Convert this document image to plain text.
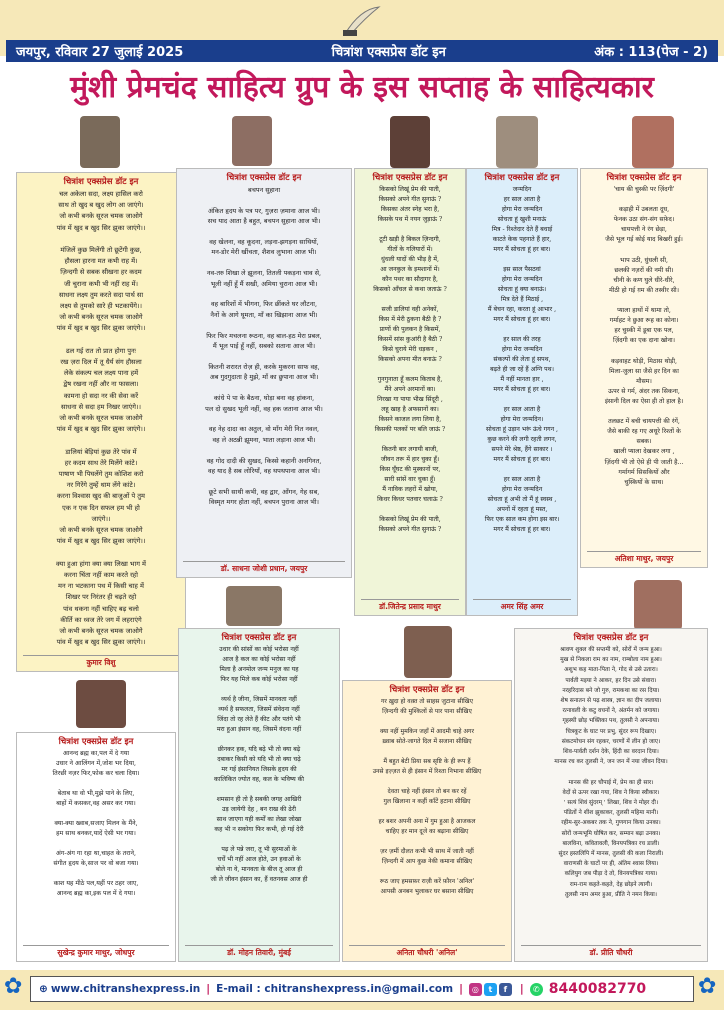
जयपुर, रविवार 27 जुलाई 2025	चित्रांश एक्सप्रेस डॉट इन	अंक : 113(पेज - 2)
मुंशी प्रेमचंद साहित्य ग्रुप के इस सप्ताह के साहित्यकार
चित्रांश एक्सप्रेस डॉट इन
चल अकेला सदा, लक्ष्य हासिल करो
साथ तो खुद ब खुद लोग आ जाएंगे।
जो कभी बनके सूरज चमक जाओगे
पांव में खुद ब खुद सिर झुका जाएंगे।।

मंजिलें कुछ मिलेंगी तो छूटेंगी कुछ,
हौसला हारना मत कभी राह में।
ज़िन्दगी से सबक सीखना हर कदम
जी चुराना कभी भी नहीं राह में।
साधना लक्ष्य तुम करते सदा पार्थ सा
लक्ष्य से तुमको सारे ही भटकायेंगे।।
जो कभी बनके सूरज चमक जाओगे
पांव में खुद ब खुद सिर झुका जाएंगे।।

ढल गई रात तो प्रात होगा पुनः
रख ज़रा दिल में तू धैर्य संग हौसला
लेके संकल्प चल लक्ष्य पाना हमें
द्वेष रखना नहीं और ना फासला।
कामना हो सदा नर की सेवा करें
साधना से सदा हम निखर जाएंगे।।
जो कभी बनके सूरज चमक जाओगे
पांव में खुद ब खुद सिर झुका जाएंगे।।

डालियां बेड़ियां कुछ तेरे पांव में
हर कदम साथ तेरे मिलेंगे कांटे।
पाषाण भी पिघलेंगे तुम कोशिश करो
नर गिरेंगे तुम्हें थाम लेंगे कांटे।
करना विश्वास खुद की बाजुओं पे तुम
एक न एक दिन सफल हम भी हो
जाएंगे।।
जो कभी बनके सूरज चमक जाओगे
पांव में खुद ब खुद सिर झुका जाएंगे।।

क्या हुआ हांगा क्या क्या लिखा भाग में
करना चिंता नहीं काम करते रहो
मन ना भटकाना पथ में किसी चाह में
शिखर पर निरंतर ही चढ़ते रहो
पांव थकना नहीं चाहिए बढ़ चलो
कीर्ति का ध्वज तेरे जग में लहराएंगे
जो कभी बनके सूरज चमक जाओगे
पांव में खुद ब खुद सिर झुका जाएंगे।।
कुमार विशु
चित्रांश एक्सप्रेस डॉट इन
बचपन सुहाना

अंकित हृदय के पत्र पर, गुज़रा ज़माना आज भी।
सच याद आता है बहुत, बचपन सुहाना आज भी।

वह खेलना, वह कूदना, लड़ना-झगड़ना साथियों,
मन-डोर मेरी खींचता, शैशव लुभाना आज भी।

नव-तरु शिखा ले झूलना, तितली पकड़ना चाव से,
भूली नहीं हूँ मैं सखी, अमिया चुराना आज भी।

वह बारिशों में भीगना, फिर छींकते घर लौटना,
नैनों के आगे घूमता, माँ का खिझाना आज भी।

फिर फिर मचलना रूठना, वह बाल-हठ मेरा प्रबल,
मैं भूल पाई हूँ नहीं, सबको सताना आज भी।

कितनी शरारत रोज़ ही, करके मुकरना साफ वह,
अब गुदगुदाता है मुझे, माँ का छुपाना आज भी।

कांधे पे पा के बैठना, घोड़ा बना वह हांकना,
पल दो सुखद भूली नहीं, वह हक जताना आज भी।

वह नेह दादा का अतुल, वो माँग मेरी नित नवल,
वह ले अठन्नी झूमना, भाता लड़ाना आज भी।

वह गोद दादी की सुखद, किस्से कहानी अनगिनत,
वह याद है सब लोरियाँ, वह थपथपाना आज भी।

छूटे सभी साथी कभी, वह द्वार, आँगन, गेह सब,
विस्मृत मगर होता नहीं, बचपन पुराना आज भी।
डॉ. साधना जोशी प्रधान, जयपुर
चित्रांश एक्सप्रेस डॉट इन
किसको लिखूं प्रेम की पाती,
किसको अपने गीत सुनाऊं ?
किसका अंतर स्नेह भरा है,
किसके पथ में नयन जुड़ाऊं ?

टूटी खड़ी है बिकल ज़िन्दगी,
गीतों के गलियारों में।
धुंधली यादों की भीड़ है में,
आ जनकुल के इमशानों में।
कौन पथर का सौदागर है,
किसको आँचल से कथा जताऊं ?

सजी डालियां वही अनेकों,
किस में मेरी ठुकना बैठी है ?
प्राणों की पुलकन है किसमें,
किसमें सांस कुआंरी है बैठी ?
किसे चुराये मेरी धड़कन ,
किसको अपना मीत बनाऊं ?

गुनगुनाता हूँ कलम किताब है,
मैंने अपने अरमानों का।
निरखा गा पाया भीख सिंदूरी ,
लहू खाह है अफसानों का।
किसने काजल लगा लिया है,
किसकी पलकों पर बलि जाऊं ?

कितनी बार लगायी बाजी,
जीवन तरू में हार चुका हूँ।
किस घूँघट की मुस्कानों पर,
सारी सांसें वार चुका हूँ।
मैं नाविक लहरों में खोया,
किधर किधर पतवार चलाऊं ?

किसको लिखूं प्रेम की पाती,
किसको अपने गीत सुनाऊं ?
डॉ.जितेन्द्र प्रसाद माथुर
चित्रांश एक्सप्रेस डॉट इन
जन्मदिन
हर साल आता है
होगा मेरा जन्मदिन
सोचता हूं खुशी मनाऊं
मित्र - रिश्तेदार देते हैं बधाई
काटते केक पहनाते हैं हार,
मगर मैं सोचता हूं हर बार।

इस साल पैसठवां
होगा मेरा जन्मदिन
सोचता हूं क्या बनाऊं।
मित्र देते हैं मिठाई ,
मैं बेचन रहा, करता हूं आभार ,
मगर मैं सोचता हूं हर बार।

हर साल की तरह
होगा मेरा जन्मदिन
संकल्पों की लेता हूं सपथ,
बढ़ते ही जा रहें हैं अग्नि पथ।
मैं नहीं मानता हार ,
मगर मैं सोचता हूं हर बार।

हर साल आता है
होगा मेरा जन्मदिन।
सोचता हूं उड़ान भरूं ऊंचे गगन ,
कुछ करने की लगी रहती लगन,
सपने मेरे श्रेष्ठ, हैंगे साकार ।
मगर मैं सोचता हूं हर बार।

हर साल आता है
होगा मेरा जन्मदिन
सोचता हूं अभी तो मैं हूं स्वस्थ ,
अपनों में रहता हूं मस्त,
फिर एक साल कम होगा इस बार।
मगर मैं सोचता हूं हर बार।
अमर सिंह अमर
चित्रांश एक्सप्रेस डॉट इन
'चाय की चुस्की पर ज़िंदगी'

कड़ाही में उबलता दूध,
फेनक उठा संग-संग सफ़ेद।
चायपत्ती ने रंग छेड़ा,
जैसे भूल गई कोई याद बिखरी हुई।

भाप उठी, धुंधली सी,
छलकी नज़रों की नमी सी।
चीनी के कण घुले धीरे-धीरे,
मीठी हो गई ग़म की तस्वीर सी।

प्याला हाथों में थामा तो,
गर्माहट ने छुआ रूह का कोना।
हर चुस्की में डूबा एक पल,
ज़िंदगी का एक दाना खोना।

कड़वाहट थोड़ी, मिठास थोड़ी,
मिला-जुला सा जैसे हर दिन का
मौसम।
ऊपर से गर्म, अंदर तक सिकना,
इंसानी दिल का ऐसा ही तो हाल है।

तलछट में बची चायपत्ती की रंगें,
जैसे बाकी रह गए अधूरे रिश्तों के
सबक।
खाली प्याला देखकर लगा ,
ज़िंदगी भी तो ऐसे ही पी जाती है...
गर्मागर्म सिसकियों और
चुस्कियों के साथ।
अतिशा माथुर, जयपुर
चित्रांश एक्सप्रेस डॉट इन
आनन्द ब्रह्म का,पल में दे गया
उधार ने आलिंगन में,जोश भर दिया,
तिरछी नज़र फिर,फोक कर चला दिया।

बेताब था वो भी,मुझे पाने के लिए,
बाहों में कसकर,वह असर कर गया।

क्या-क्या ख्वाब,सजाए मिलन के मैंने,
हम साथ बनकर,यादें ऐसी भर गया।

अंग-अंग गा रहा था,चाहत के तराने,
संगीत हृदय के,साज पर वो बजा गया।

काश यह मीठे पल,यहीं पर ठहर जाए,
आनन्द ब्रह्म का,इक पल में दे गया।
सुखेन्द्र कुमार माथुर, जोधपुर
चित्रांश एक्सप्रेस डॉट इन
उधार की सांसों का कोई भरोसा नहीं
आज है कल का कोई भरोसा नहीं
मिला है अनमोल जन्म मनुज का यह
फिर यह मिले कब कोई भरोसा नहीं

व्यर्थ है जीना, जिसमें मानवता नहीं
व्यर्थ है सफलता, जिसमें संवेदना नहीं
जिंदा तो रह लेते हैं कीट और पतंगे भी
मरा हुआ इंसान वह, जिसमें वंदना नहीं

छीनकर हक, यदि बढ़े भी तो क्या बढ़े
दबाकर किसी को यदि भी तो क्या चढ़े
मर गई इंसानियत जिसके हृदय की
कालिकित ज्योत वह, कल के भविष्य की

शमसान ही तो है सबकी जगह आखिरी
उड़ जायेगी देह , बन राख की ढेरी
साथ जाएगा यही कर्मों का लेखा जोखा
कह भी न सकोगा फिर कभी, हो गई देरी

पढ़ ले पन्ने जरा, तू भी सुरमाओं के
चर्चें भी नहीं आज होते, उन हवाओं के
बोले ना वे, मानवता के बीज तू आज ही
जी ले जीवन इंसान का, हैं वतनवस आज ही
डॉ. मोहन तिवारी, मुंबई
चित्रांश एक्सप्रेस डॉट इन
गर ख़ुदा हो वक़्त तो साहस जुटाना सीखिए
ज़िन्दगी की मुश्किलों से पार पाना सीखिए

क्या नहीं मुमकिन जहाँ में आदमी चाहे अगर
ख़्वाब सोते-जागते दिल में सजाना सीखिए

मैं बहुत बेटी प्रिया सब सृष्टि के ही रूप हैं
उनसे इज़्ज़त से ही इंसान में रिश्ता निभाना सीखिए

देवता चाहे नहीं इंसान तो बन कर रहें
गुल खिलाना न कहीं काँटें हटाना सीखिए

हर बशर अपनी अना में गुम हुआ है आजकल
चाहिए हर मान दूजे का बढ़ाना सीखिए

ज़र ज़मीं दौलत कभी भी साथ में जाती नहीं
ज़िन्दगी में आप कुछ नेकी कमाना सीखिए

रूठ जाए हमसफ़र राज़ी करें फ़ौरन 'अनिल'
आपसी अनबन भुलाकर घर बसाना सीखिए
अनिता चौधरी 'अनिल'
चित्रांश एक्सप्रेस डॉट इन
श्रावण शुक्ल की सप्तमी को, सोरों में जन्म हुआ।
मुख से निकला राम का नाम, राम्बोला नाम हुआ।
अशुभ कह माता-पिता ने, गोद से उसे उतारा।
पार्वती मइया ने आकर, हर दिन उसे संवारा।
नरहरिदास बने जो गुरु, रामकथा का रस दिया।
शेष सनातन से पढ़ शास्त्र, ज्ञान का दीप जलाया।
रत्नावली के कटु वचनों ने, अंतर्मन को जगाया।
गृहस्थी छोड़ भक्तिका पथ, तुलसी ने अपनाया।
चित्रकूट के घाट पर प्रभु, सुंदर रूप दिखाए।
संकटमोचन संग रहकर, चरणों में लीन हो जाए।
शिव-पार्वती दर्शन देके, हिंदी का वरदान दिया।
मानस रच कर तुलसी ने, जन जन में नया जीवन दिया।

मानस की हर चौपाई में, प्रेम का ही सार।
वेदों से ऊपर रखा गया, शिव ने किया स्वीकार।
' सत्यं शिवं सुंदरम् ' लिखा, शिव ने मोहर दी।
पंडितों ने शीश झुकाकर, तुलसी महिमा मानी।
रहीम-सुर-अकबर तक ने, गुणगान किया उनका।
सोरों जन्मभूमि घोषित कर, सम्मान बढ़ा उनका।
बालविना, कवितावली, विनयपत्रिका रच डाली।
सुंदर हस्तलिपि में मानस, तुलसी की कला निराली।
वाराणसी के घाटों पर ही, अंतिम श्वास लिया।
कलियुग जब पीड़ा दे तो, विनयपत्रिका गाया।
राम-राम कहते-कहते, देह छोड़ने त्यागी।
तुलसी नाम अमर हुआ, प्रीति ने नमन किया।
डॉ. प्रीति चौधरी
✿	✿
⊕ www.chitranshexpress.in | E-mail : chitranshexpress.in@gmail.com |	◎	t	f	|	✆ 8440082770
